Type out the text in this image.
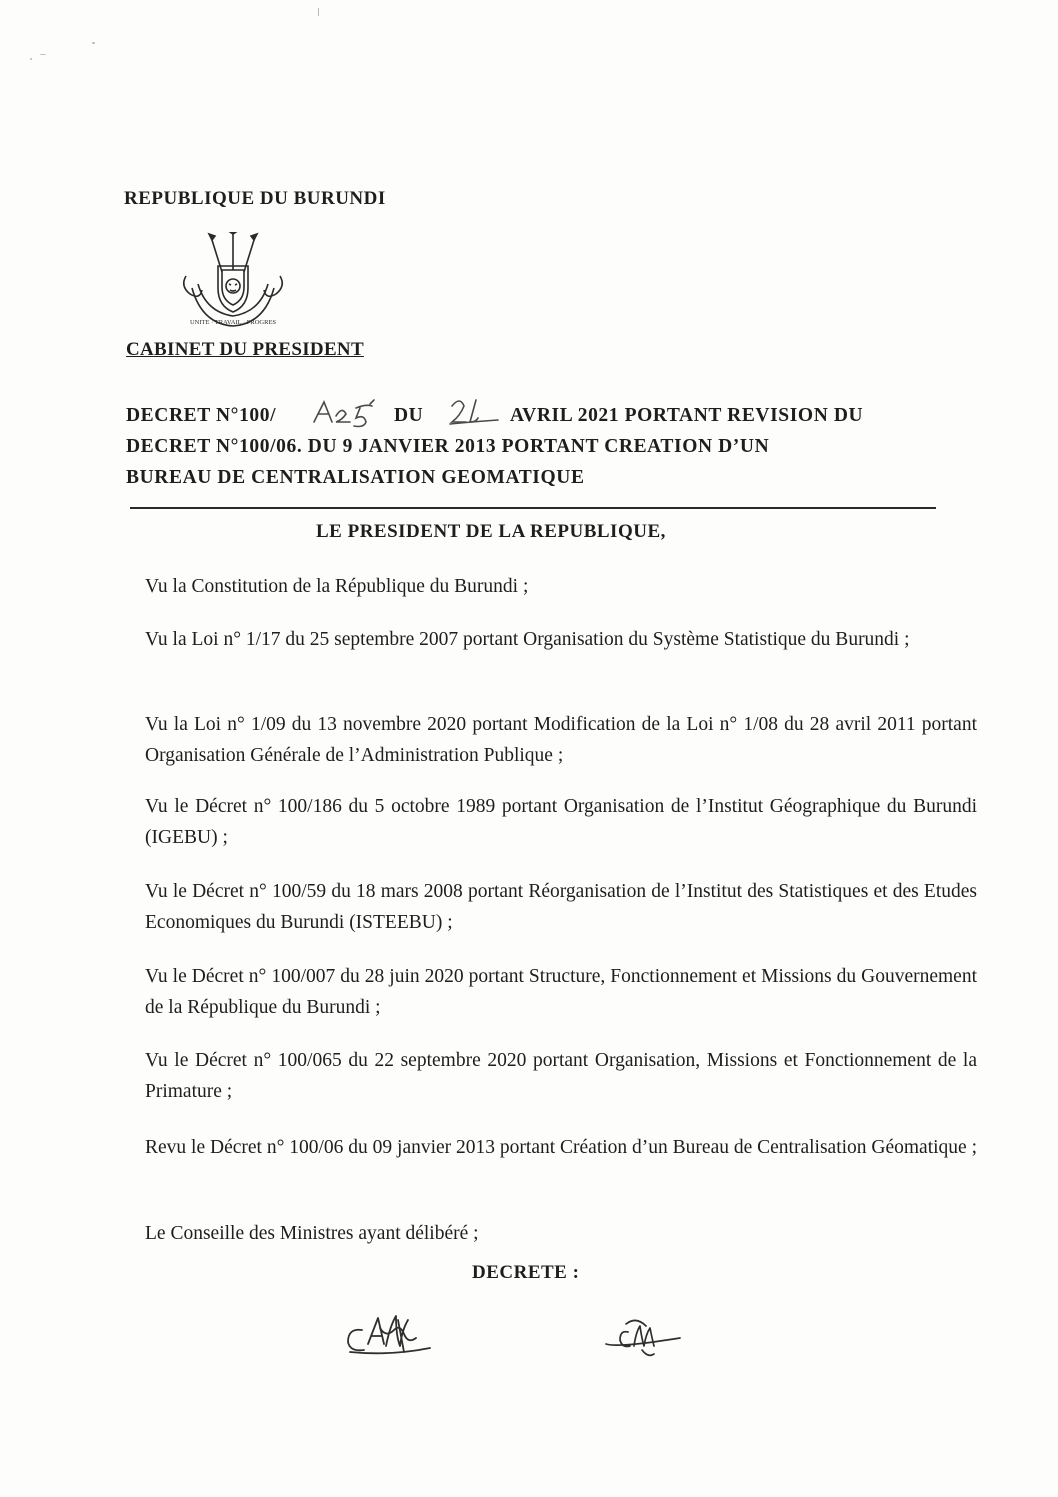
REPUBLIQUE DU BURUNDI
UNITE · TRAVAIL · PROGRES
CABINET DU PRESIDENT
DECRET N°100/	DU	AVRIL 2021 PORTANT REVISION DU
DECRET N°100/06. DU 9 JANVIER 2013 PORTANT CREATION D’UN
BUREAU DE CENTRALISATION GEOMATIQUE
LE PRESIDENT DE LA REPUBLIQUE,
Vu la Constitution de la République du Burundi ;
Vu la Loi n° 1/17 du 25 septembre 2007 portant Organisation du Système Statistique du Burundi ;
Vu la Loi n° 1/09 du 13 novembre 2020 portant Modification de la Loi n° 1/08 du 28 avril 2011 portant Organisation Générale de l’Administration Publique ;
Vu le Décret n° 100/186 du 5 octobre 1989 portant Organisation de l’Institut Géographique du Burundi (IGEBU) ;
Vu le Décret n° 100/59 du 18 mars 2008 portant Réorganisation de l’Institut des Statistiques et des Etudes Economiques du Burundi (ISTEEBU) ;
Vu le Décret n° 100/007 du 28 juin 2020 portant Structure, Fonctionnement et Missions du Gouvernement de la République du Burundi ;
Vu le Décret n° 100/065 du 22 septembre 2020 portant Organisation, Missions et Fonctionnement de la Primature ;
Revu le Décret n° 100/06 du 09 janvier 2013 portant Création d’un Bureau de Centralisation Géomatique ;
Le Conseille des Ministres ayant délibéré ;
DECRETE :
